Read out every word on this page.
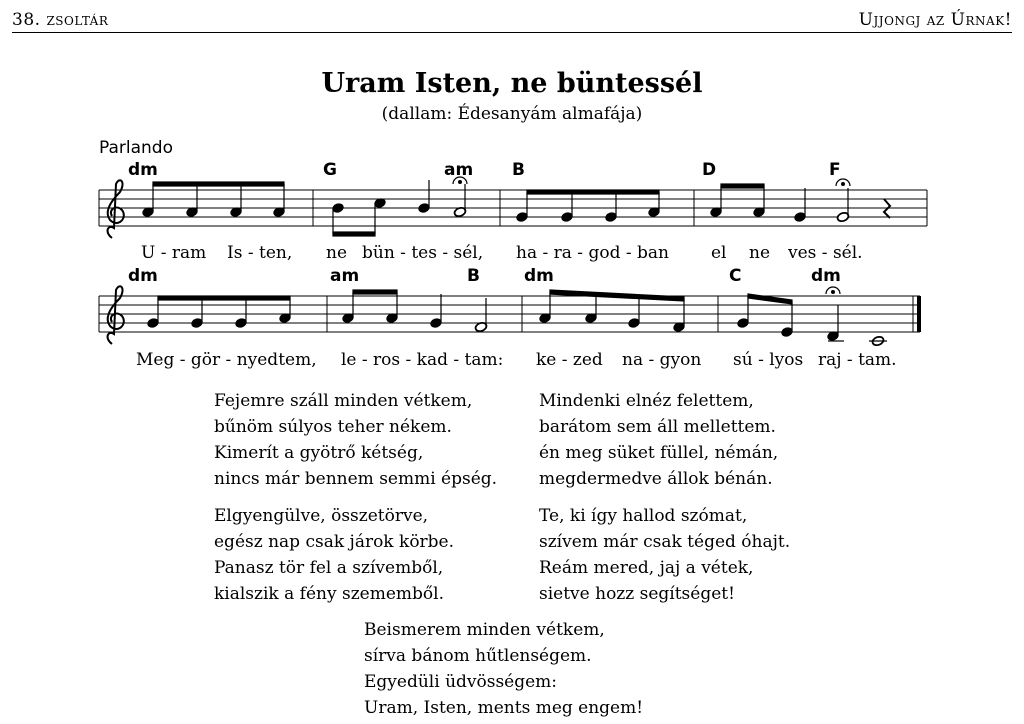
38. zsoltár	Ujjongj az Úrnak!
Uram Isten, ne büntessél
(dallam: Édesanyám almafája)
Parlando
dm	G	am B	D	F
dm	am	B	dm	C	dm
U - ram Is - ten, ne bün - tes - sél, ha - ra - god - ban el ne ves - sél.
Meg - gör - nyedtem, le - ros - kad - tam: ke - zed na - gyon sú - lyos raj - tam.
Fejemre száll minden vétkem,
bűnöm súlyos teher nékem.
Kimerít a gyötrő kétség,
nincs már bennem semmi épség.
Mindenki elnéz felettem,
barátom sem áll mellettem.
én meg süket füllel, némán,
megdermedve állok bénán.
Elgyengülve, összetörve,
egész nap csak járok körbe.
Panasz tör fel a szívemből,
kialszik a fény szememből.
Te, ki így hallod szómat,
szívem már csak téged óhajt.
Reám mered, jaj a vétek,
sietve hozz segítséget!
Beismerem minden vétkem,
sírva bánom hűtlenségem.
Egyedüli üdvösségem:
Uram, Isten, ments meg engem!
